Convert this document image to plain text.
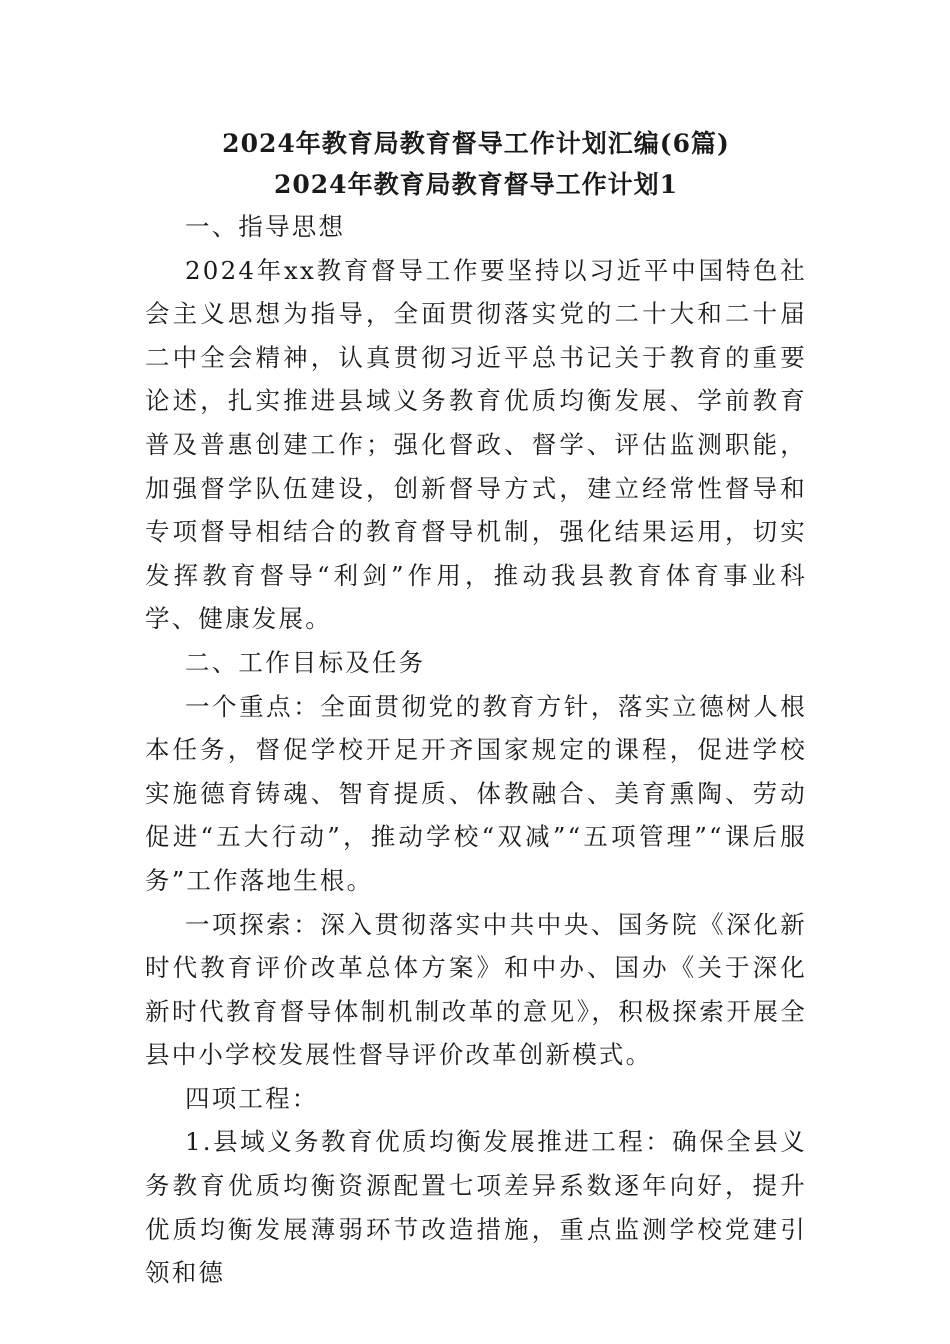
2024年教育局教育督导工作计划汇编(6篇)

2024年教育局教育督导工作计划1

一、指导思想

2024年xx教育督导工作要坚持以习近平中国特色社会主义思想为指导，全面贯彻落实党的二十大和二十届二中全会精神，认真贯彻习近平总书记关于教育的重要论述，扎实推进县域义务教育优质均衡发展、学前教育普及普惠创建工作；强化督政、督学、评估监测职能，加强督学队伍建设，创新督导方式，建立经常性督导和专项督导相结合的教育督导机制，强化结果运用，切实发挥教育督导“利剑”作用，推动我县教育体育事业科学、健康发展。

二、工作目标及任务

一个重点：全面贯彻党的教育方针，落实立德树人根本任务，督促学校开足开齐国家规定的课程，促进学校实施德育铸魂、智育提质、体教融合、美育熏陶、劳动促进“五大行动”，推动学校“双减”“五项管理”“课后服务”工作落地生根。

一项探索：深入贯彻落实中共中央、国务院《深化新时代教育评价改革总体方案》和中办、国办《关于深化新时代教育督导体制机制改革的意见》，积极探索开展全县中小学校发展性督导评价改革创新模式。

四项工程：

1.县域义务教育优质均衡发展推进工程：确保全县义务教育优质均衡资源配置七项差异系数逐年向好，提升优质均衡发展薄弱环节改造措施，重点监测学校党建引领和德
